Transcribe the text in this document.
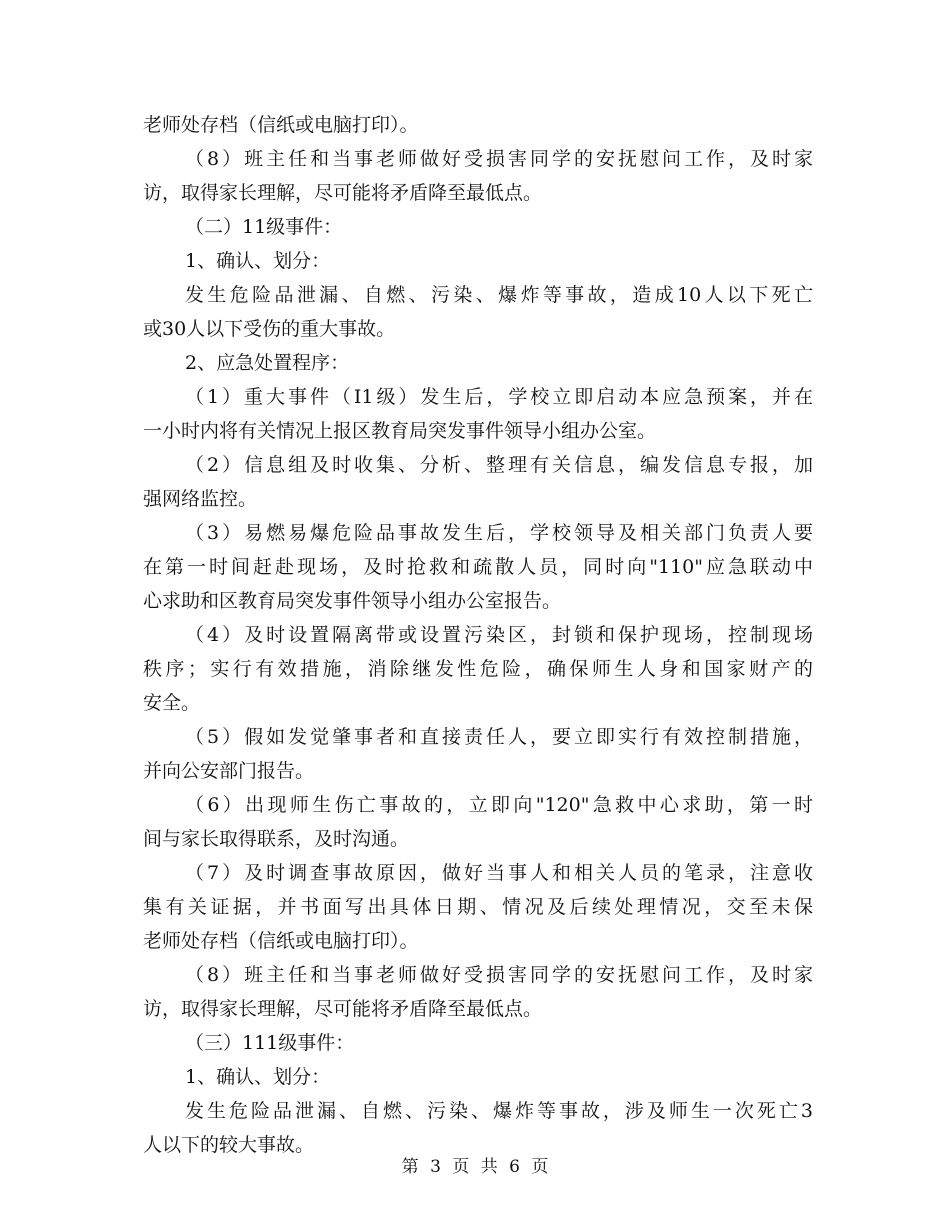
老师处存档（信纸或电脑打印）。
（8）班主任和当事老师做好受损害同学的安抚慰问工作，及时家
访，取得家长理解，尽可能将矛盾降至最低点。
（二）11级事件：
1、确认、划分：
发生危险品泄漏、自燃、污染、爆炸等事故，造成10人以下死亡
或30人以下受伤的重大事故。
2、应急处置程序：
（1）重大事件（I1级）发生后，学校立即启动本应急预案，并在
一小时内将有关情况上报区教育局突发事件领导小组办公室。
（2）信息组及时收集、分析、整理有关信息，编发信息专报，加
强网络监控。
（3）易燃易爆危险品事故发生后，学校领导及相关部门负责人要
在第一时间赶赴现场，及时抢救和疏散人员，同时向"110"应急联动中
心求助和区教育局突发事件领导小组办公室报告。
（4）及时设置隔离带或设置污染区，封锁和保护现场，控制现场
秩序；实行有效措施，消除继发性危险，确保师生人身和国家财产的
安全。
（5）假如发觉肇事者和直接责任人，要立即实行有效控制措施，
并向公安部门报告。
（6）出现师生伤亡事故的，立即向"120"急救中心求助，第一时
间与家长取得联系，及时沟通。
（7）及时调查事故原因，做好当事人和相关人员的笔录，注意收
集有关证据，并书面写出具体日期、情况及后续处理情况，交至未保
老师处存档（信纸或电脑打印）。
（8）班主任和当事老师做好受损害同学的安抚慰问工作，及时家
访，取得家长理解，尽可能将矛盾降至最低点。
（三）111级事件：
1、确认、划分：
发生危险品泄漏、自燃、污染、爆炸等事故，涉及师生一次死亡3
人以下的较大事故。
第 3 页 共 6 页
